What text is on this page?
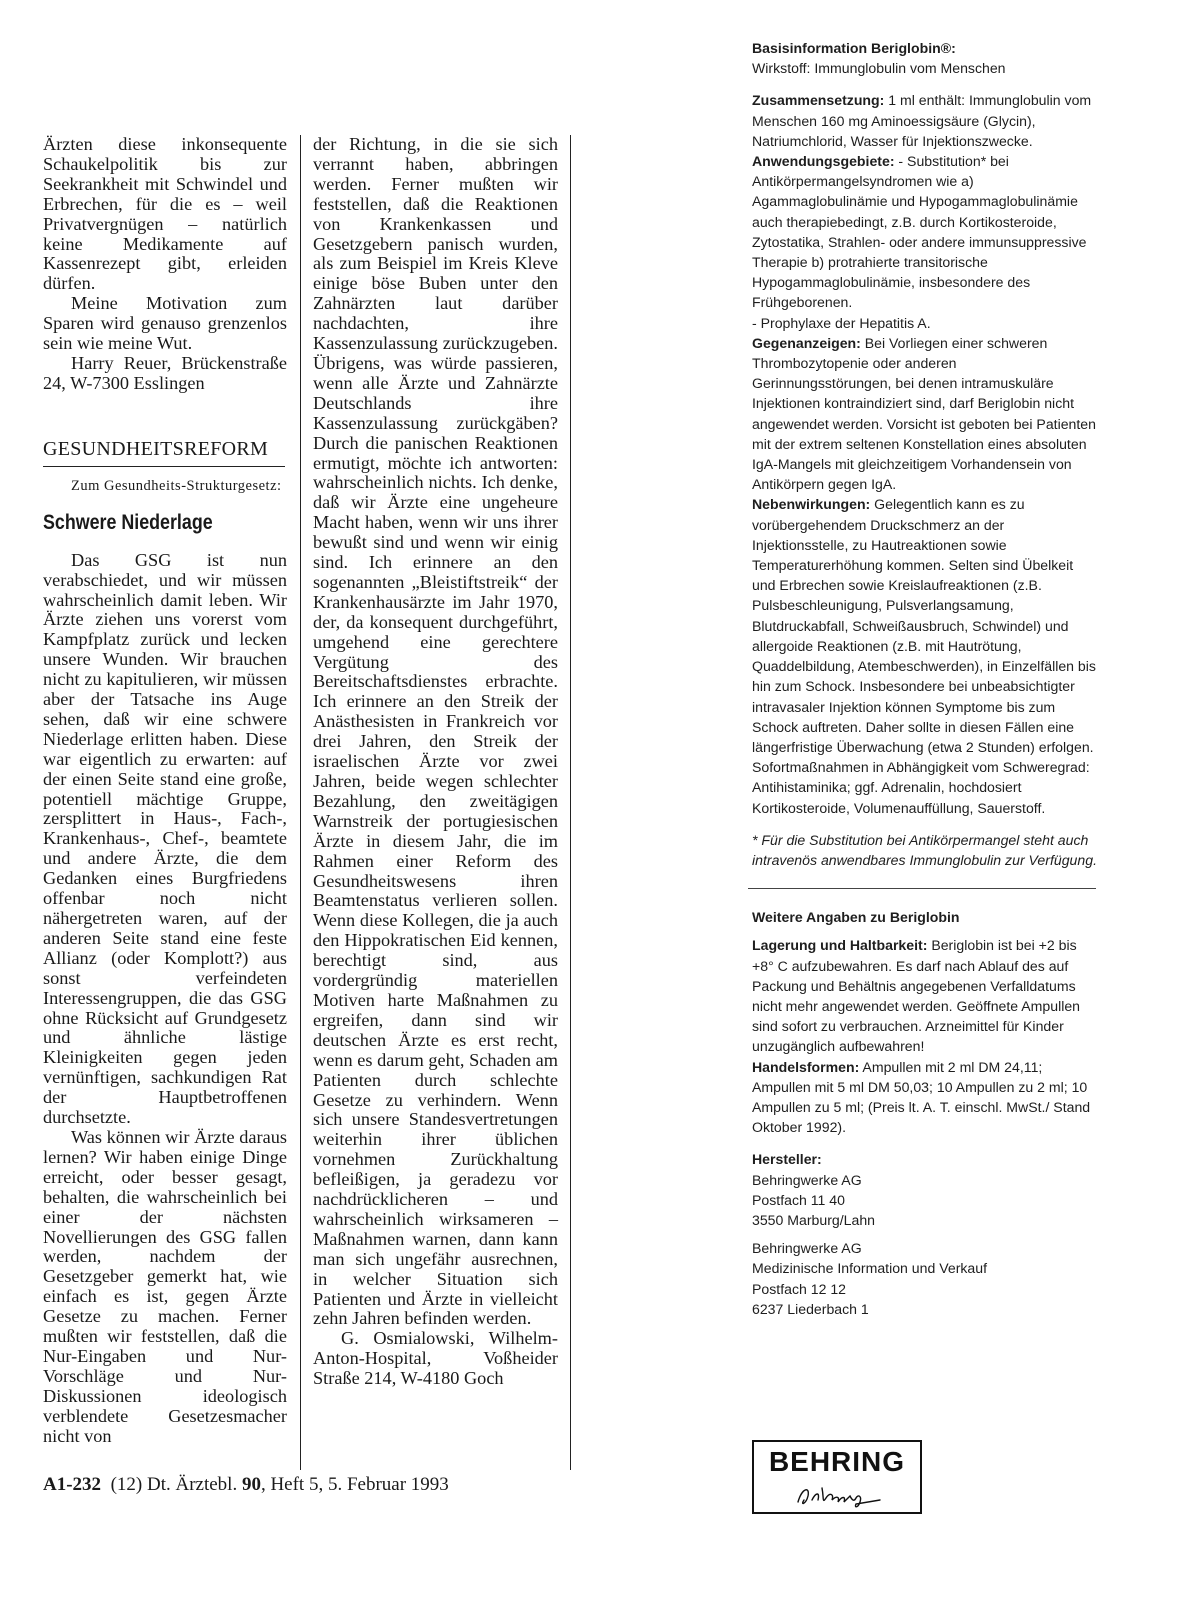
Ärzten diese inkonsequente Schaukelpolitik bis zur Seekrankheit mit Schwindel und Erbrechen, für die es – weil Privatvergnügen – natürlich keine Medikamente auf Kassenrezept gibt, erleiden dürfen.

Meine Motivation zum Sparen wird genauso grenzenlos sein wie meine Wut.

Harry Reuer, Brückenstraße 24, W-7300 Esslingen

GESUNDHEITSREFORM
Zum Gesundheits-Strukturgesetz:
Schwere Niederlage

Das GSG ist nun verabschiedet, und wir müssen wahrscheinlich damit leben. Wir Ärzte ziehen uns vorerst vom Kampfplatz zurück und lecken unsere Wunden. Wir brauchen nicht zu kapitulieren, wir müssen aber der Tatsache ins Auge sehen, daß wir eine schwere Niederlage erlitten haben. Diese war eigentlich zu erwarten: auf der einen Seite stand eine große, potentiell mächtige Gruppe, zersplittert in Haus-, Fach-, Krankenhaus-, Chef-, beamtete und andere Ärzte, die dem Gedanken eines Burgfriedens offenbar noch nicht nähergetreten waren, auf der anderen Seite stand eine feste Allianz (oder Komplott?) aus sonst verfeindeten Interessengruppen, die das GSG ohne Rücksicht auf Grundgesetz und ähnliche lästige Kleinigkeiten gegen jeden vernünftigen, sachkundigen Rat der Hauptbetroffenen durchsetzte.

Was können wir Ärzte daraus lernen? Wir haben einige Dinge erreicht, oder besser gesagt, behalten, die wahrscheinlich bei einer der nächsten Novellierungen des GSG fallen werden, nachdem der Gesetzgeber gemerkt hat, wie einfach es ist, gegen Ärzte Gesetze zu machen. Ferner mußten wir feststellen, daß die Nur-Eingaben und Nur-Vorschläge und Nur-Diskussionen ideologisch verblendete Gesetzesmacher nicht von

der Richtung, in die sie sich verrannt haben, abbringen werden. Ferner mußten wir feststellen, daß die Reaktionen von Krankenkassen und Gesetzgebern panisch wurden, als zum Beispiel im Kreis Kleve einige böse Buben unter den Zahnärzten laut darüber nachdachten, ihre Kassenzulassung zurückzugeben. Übrigens, was würde passieren, wenn alle Ärzte und Zahnärzte Deutschlands ihre Kassenzulassung zurückgäben? Durch die panischen Reaktionen ermutigt, möchte ich antworten: wahrscheinlich nichts. Ich denke, daß wir Ärzte eine ungeheure Macht haben, wenn wir uns ihrer bewußt sind und wenn wir einig sind. Ich erinnere an den sogenannten „Bleistiftstreik“ der Krankenhausärzte im Jahr 1970, der, da konsequent durchgeführt, umgehend eine gerechtere Vergütung des Bereitschaftsdienstes erbrachte. Ich erinnere an den Streik der Anästhesisten in Frankreich vor drei Jahren, den Streik der israelischen Ärzte vor zwei Jahren, beide wegen schlechter Bezahlung, den zweitägigen Warnstreik der portugiesischen Ärzte in diesem Jahr, die im Rahmen einer Reform des Gesundheitswesens ihren Beamtenstatus verlieren sollen. Wenn diese Kollegen, die ja auch den Hippokratischen Eid kennen, berechtigt sind, aus vordergründig materiellen Motiven harte Maßnahmen zu ergreifen, dann sind wir deutschen Ärzte es erst recht, wenn es darum geht, Schaden am Patienten durch schlechte Gesetze zu verhindern. Wenn sich unsere Standesvertretungen weiterhin ihrer üblichen vornehmen Zurückhaltung befleißigen, ja geradezu vor nachdrücklicheren – und wahrscheinlich wirksameren – Maßnahmen warnen, dann kann man sich ungefähr ausrechnen, in welcher Situation sich Patienten und Ärzte in vielleicht zehn Jahren befinden werden.

G. Osmialowski, Wilhelm-Anton-Hospital, Voßheider Straße 214, W-4180 Goch

Basisinformation Beriglobin®:

Wirkstoff: Immunglobulin vom Menschen

Zusammensetzung: 1 ml enthält: Immunglobulin vom Menschen 160 mg Aminoessigsäure (Glycin), Natriumchlorid, Wasser für Injektionszwecke.

Anwendungsgebiete: - Substitution* bei Antikörpermangelsyndromen wie a) Agammaglobulinämie und Hypogammaglobulinämie auch therapiebedingt, z.B. durch Kortikosteroide, Zytostatika, Strahlen- oder andere immunsuppressive Therapie b) protrahierte transitorische Hypogammaglobulinämie, insbesondere des Frühgeborenen.

- Prophylaxe der Hepatitis A.

Gegenanzeigen: Bei Vorliegen einer schweren Thrombozytopenie oder anderen Gerinnungsstörungen, bei denen intramuskuläre Injektionen kontraindiziert sind, darf Beriglobin nicht angewendet werden. Vorsicht ist geboten bei Patienten mit der extrem seltenen Konstellation eines absoluten IgA-Mangels mit gleichzeitigem Vorhandensein von Antikörpern gegen IgA.

Nebenwirkungen: Gelegentlich kann es zu vorübergehendem Druckschmerz an der Injektionsstelle, zu Hautreaktionen sowie Temperaturerhöhung kommen. Selten sind Übelkeit und Erbrechen sowie Kreislaufreaktionen (z.B. Pulsbeschleunigung, Pulsverlangsamung, Blutdruckabfall, Schweißausbruch, Schwindel) und allergoide Reaktionen (z.B. mit Hautrötung, Quaddelbildung, Atembeschwerden), in Einzelfällen bis hin zum Schock. Insbesondere bei unbeabsichtigter intravasaler Injektion können Symptome bis zum Schock auftreten. Daher sollte in diesen Fällen eine längerfristige Überwachung (etwa 2 Stunden) erfolgen. Sofortmaßnahmen in Abhängigkeit vom Schweregrad: Antihistaminika; ggf. Adrenalin, hochdosiert Kortikosteroide, Volumenauffüllung, Sauerstoff.

* Für die Substitution bei Antikörpermangel steht auch intravenös anwendbares Immunglobulin zur Verfügung.

Weitere Angaben zu Beriglobin

Lagerung und Haltbarkeit: Beriglobin ist bei +2 bis +8° C aufzubewahren. Es darf nach Ablauf des auf Packung und Behältnis angegebenen Verfalldatums nicht mehr angewendet werden. Geöffnete Ampullen sind sofort zu verbrauchen. Arzneimittel für Kinder unzugänglich aufbewahren!

Handelsformen: Ampullen mit 2 ml DM 24,11; Ampullen mit 5 ml DM 50,03; 10 Ampullen zu 2 ml; 10 Ampullen zu 5 ml; (Preis lt. A. T. einschl. MwSt./ Stand Oktober 1992).

Hersteller:

Behringwerke AG

Postfach 11 40

3550 Marburg/Lahn

Behringwerke AG

Medizinische Information und Verkauf

Postfach 12 12

6237 Liederbach 1

BEHRING
A1-232 (12) Dt. Ärztebl. 90, Heft 5, 5. Februar 1993
